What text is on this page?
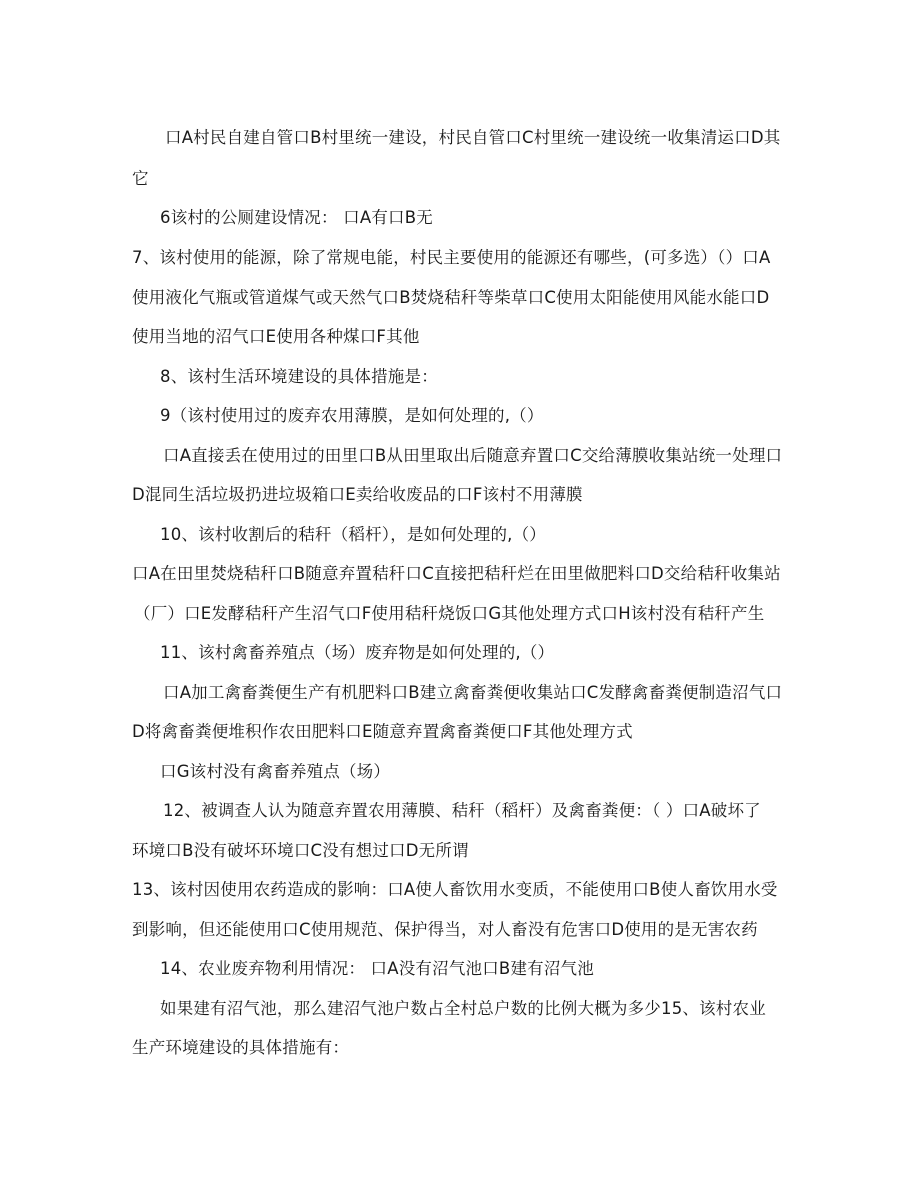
口A村民自建自管口B村里统一建设，村民自管口C村里统一建设统一收集清运口D其
它
6该村的公厕建设情况： 口A有口B无
7、该村使用的能源，除了常规电能，村民主要使用的能源还有哪些，(可多选）（）口A
使用液化气瓶或管道煤气或天然气口B焚烧秸秆等柴草口C使用太阳能使用风能水能口D
使用当地的沼气口E使用各种煤口F其他
8、该村生活环境建设的具体措施是：
9（该村使用过的废弃农用薄膜，是如何处理的,（）
口A直接丢在使用过的田里口B从田里取出后随意弃置口C交给薄膜收集站统一处理口
D混同生活垃圾扔进垃圾箱口E卖给收废品的口F该村不用薄膜
10、该村收割后的秸秆（稻杆），是如何处理的,（）
口A在田里焚烧秸秆口B随意弃置秸秆口C直接把秸秆烂在田里做肥料口D交给秸秆收集站
（厂）口E发酵秸秆产生沼气口F使用秸秆烧饭口G其他处理方式口H该村没有秸秆产生
11、该村禽畜养殖点（场）废弃物是如何处理的,（）
口A加工禽畜粪便生产有机肥料口B建立禽畜粪便收集站口C发酵禽畜粪便制造沼气口
D将禽畜粪便堆积作农田肥料口E随意弃置禽畜粪便口F其他处理方式
口G该村没有禽畜养殖点（场）
12、被调查人认为随意弃置农用薄膜、秸秆（稻杆）及禽畜粪便：（ ）口A破坏了
环境口B没有破坏环境口C没有想过口D无所谓
13、该村因使用农药造成的影响：口A使人畜饮用水变质，不能使用口B使人畜饮用水受
到影响，但还能使用口C使用规范、保护得当，对人畜没有危害口D使用的是无害农药
14、农业废弃物利用情况： 口A没有沼气池口B建有沼气池
如果建有沼气池，那么建沼气池户数占全村总户数的比例大概为多少15、该村农业
生产环境建设的具体措施有：
